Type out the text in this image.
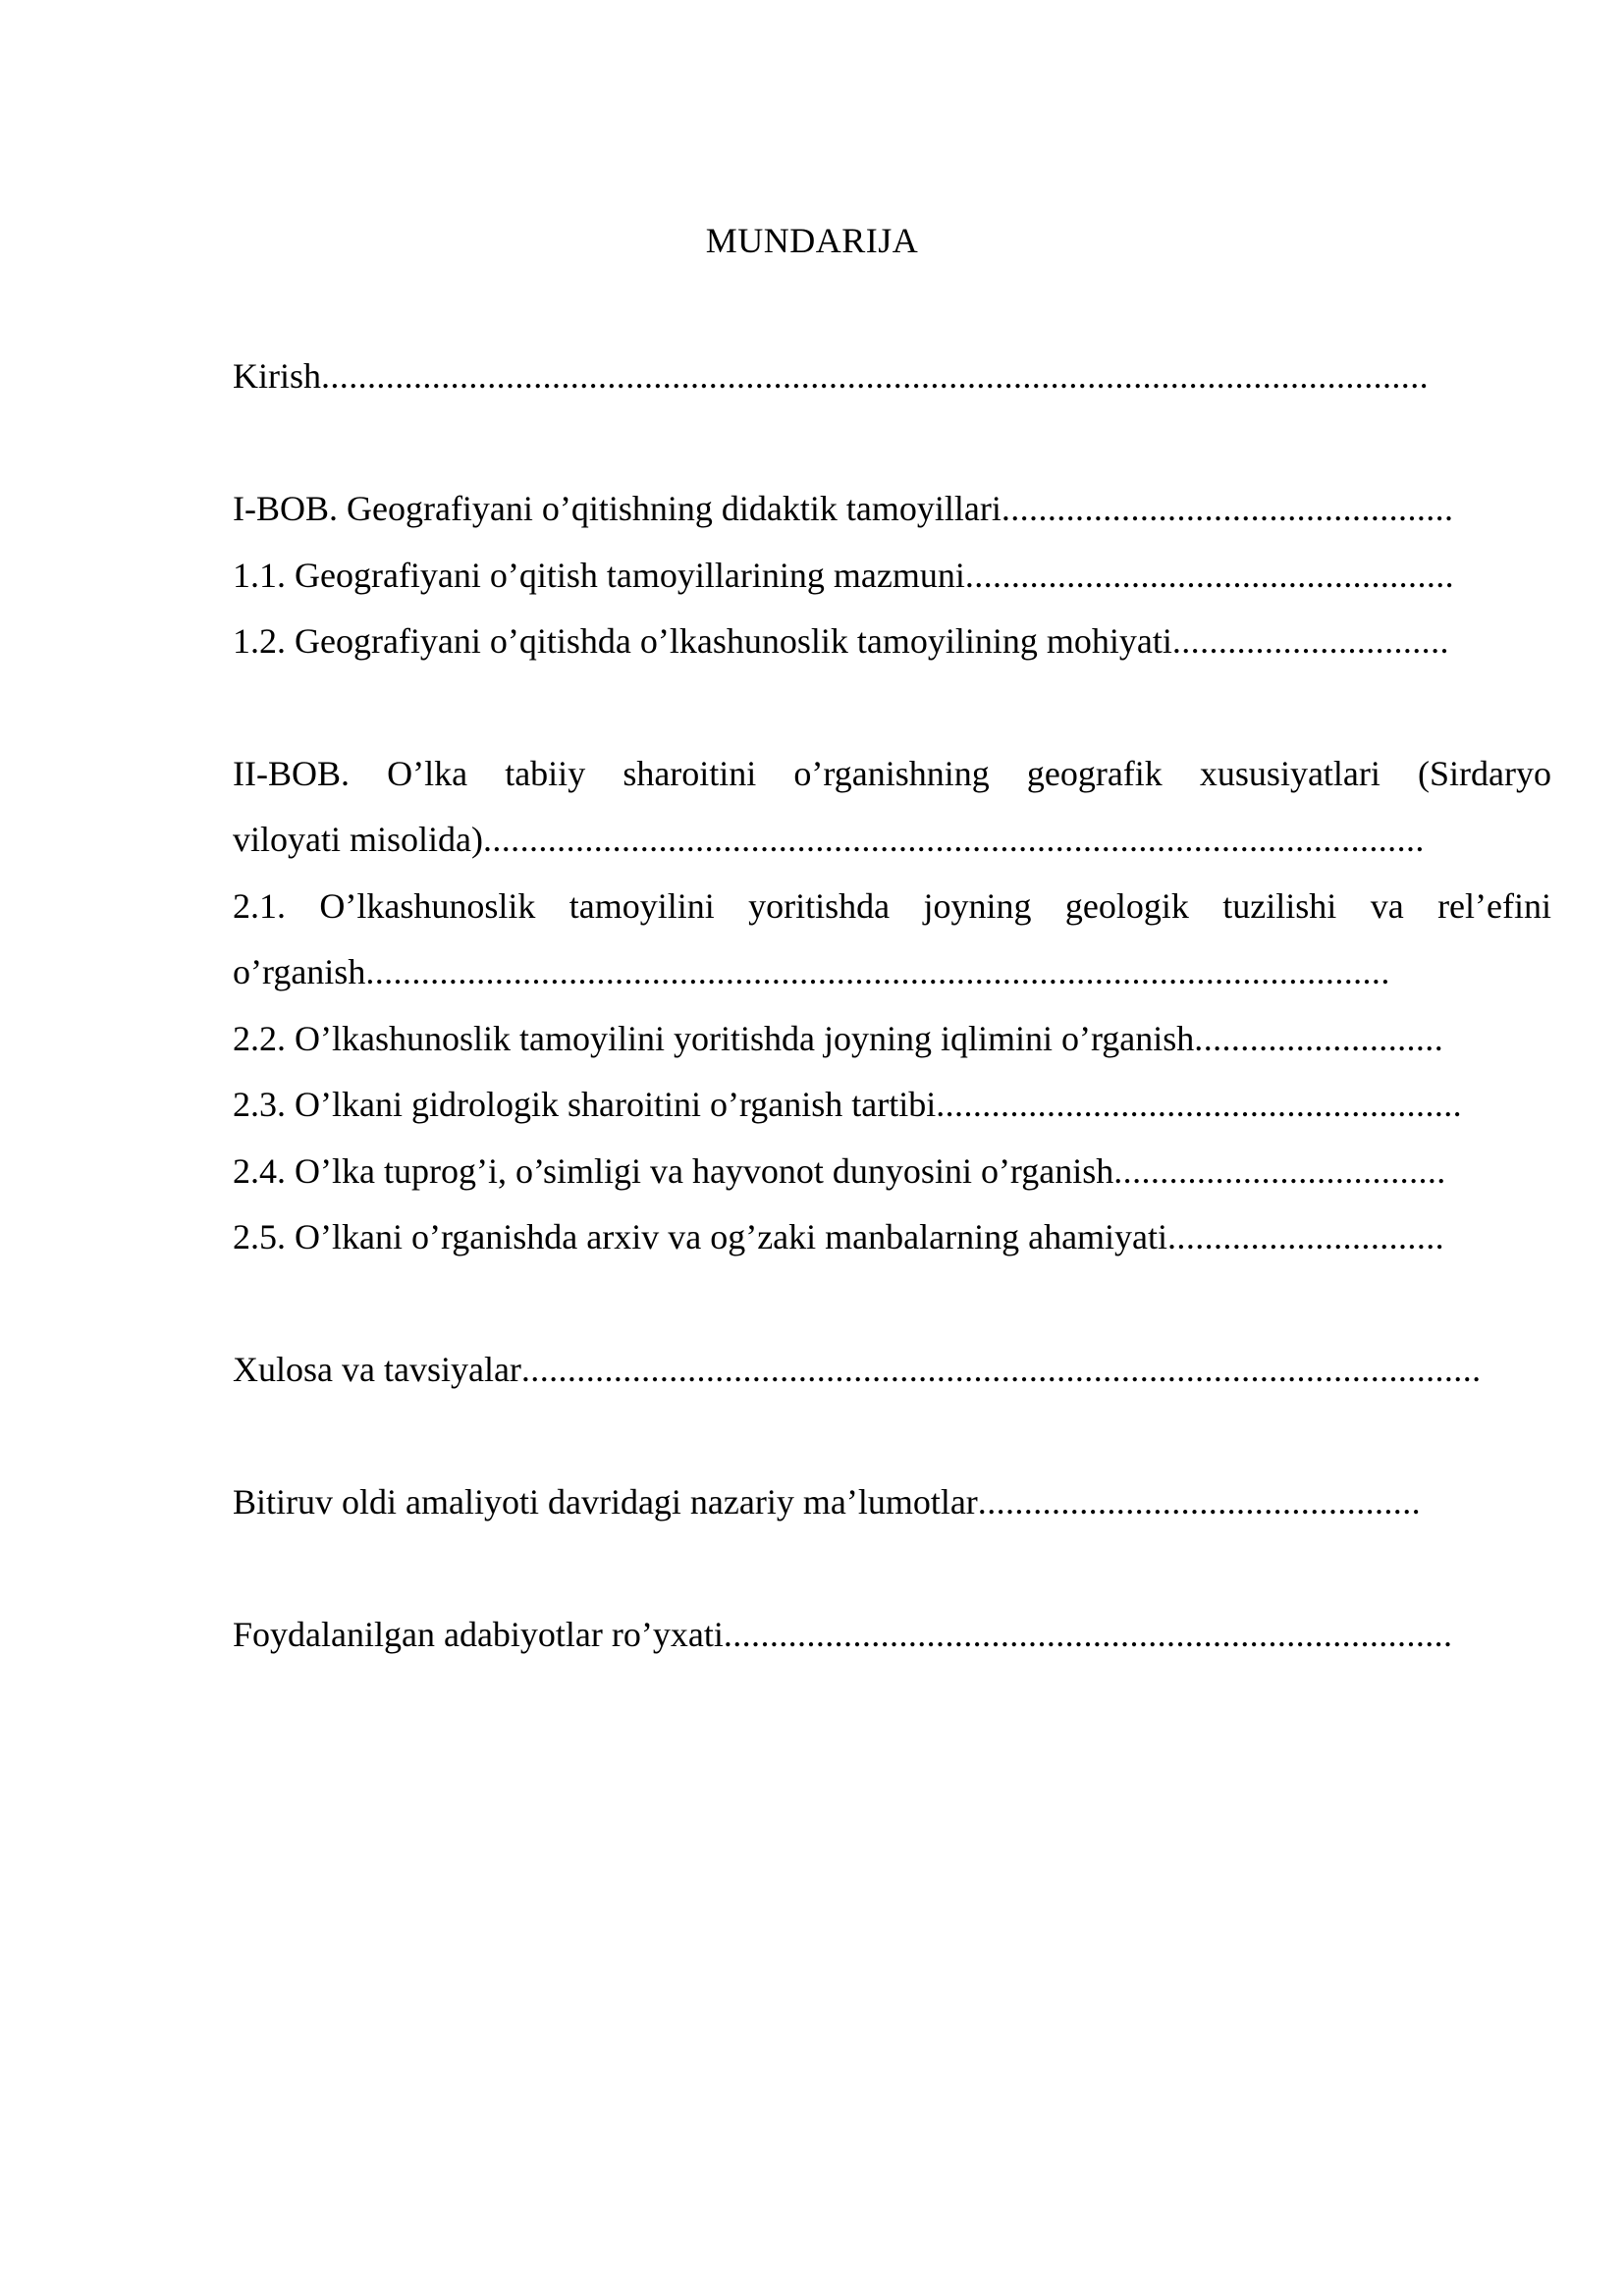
MUNDARIJA
Kirish........................................................................................................................
I-BOB. Geografiyani o’qitishning didaktik tamoyillari.................................................
1.1. Geografiyani o’qitish tamoyillarining mazmuni.....................................................
1.2. Geografiyani o’qitishda o’lkashunoslik tamoyilining mohiyati..............................
II-BOB. O’lka tabiiy sharoitini o’rganishning geografik xususiyatlari (Sirdaryo
viloyati misolida)......................................................................................................
2.1. O’lkashunoslik tamoyilini yoritishda joyning geologik tuzilishi va rel’efini
o’rganish...............................................................................................................
2.2. O’lkashunoslik tamoyilini yoritishda joyning iqlimini o’rganish...........................
2.3. O’lkani gidrologik sharoitini o’rganish tartibi.........................................................
2.4. O’lka tuprog’i, o’simligi va hayvonot dunyosini o’rganish....................................
2.5. O’lkani o’rganishda arxiv va og’zaki manbalarning ahamiyati..............................
Xulosa va tavsiyalar........................................................................................................
Bitiruv oldi amaliyoti davridagi nazariy ma’lumotlar................................................
Foydalanilgan adabiyotlar ro’yxati...............................................................................
